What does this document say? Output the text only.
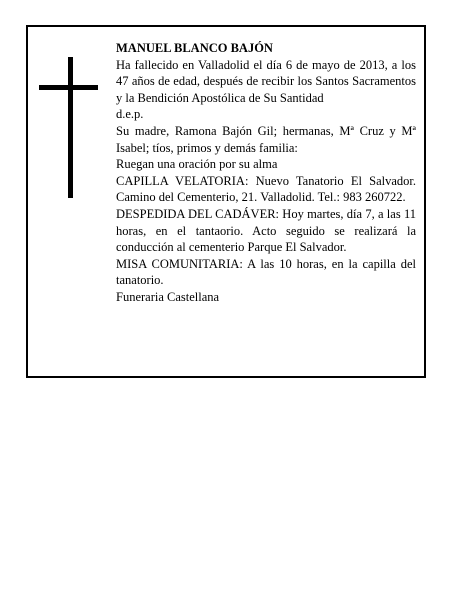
MANUEL BLANCO BAJÓN

Ha fallecido en Valladolid el día 6 de mayo de 2013, a los 47 años de edad, después de recibir los Santos Sacramentos y la Bendición Apostólica de Su Santidad

d.e.p.

Su madre, Ramona Bajón Gil; hermanas, Mª Cruz y Mª Isabel; tíos, primos y demás familia:

Ruegan una oración por su alma

CAPILLA VELATORIA: Nuevo Tanatorio El Salvador. Camino del Cementerio, 21. Valladolid. Tel.: 983 260722.

DESPEDIDA DEL CADÁVER: Hoy martes, día 7, a las 11 horas, en el tantaorio. Acto seguido se realizará la conducción al cementerio Parque El Salvador.

MISA COMUNITARIA: A las 10 horas, en la capilla del tanatorio.

Funeraria Castellana
